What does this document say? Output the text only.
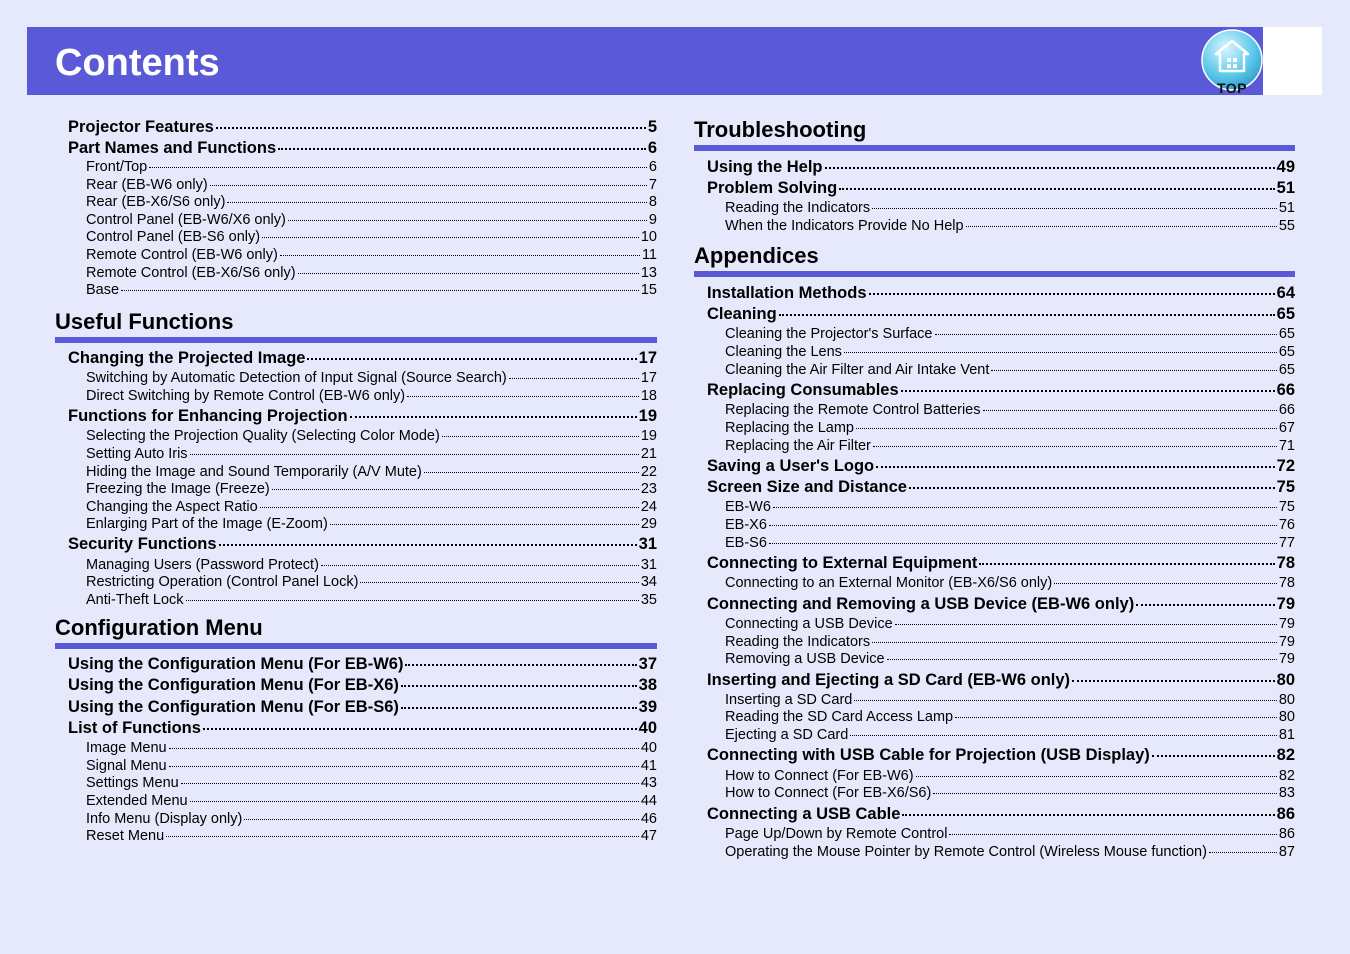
Contents
TOP
Projector Features	5
Part Names and Functions	6
Front/Top	6
Rear (EB-W6 only)	7
Rear (EB-X6/S6 only)	8
Control Panel (EB-W6/X6 only)	9
Control Panel (EB-S6 only)	10
Remote Control (EB-W6 only)	11
Remote Control (EB-X6/S6 only)	13
Base	15
Useful Functions
Changing the Projected Image	17
Switching by Automatic Detection of Input Signal (Source Search)	17
Direct Switching by Remote Control (EB-W6 only)	18
Functions for Enhancing Projection	19
Selecting the Projection Quality (Selecting Color Mode)	19
Setting Auto Iris	21
Hiding the Image and Sound Temporarily (A/V Mute)	22
Freezing the Image (Freeze)	23
Changing the Aspect Ratio	24
Enlarging Part of the Image (E-Zoom)	29
Security Functions	31
Managing Users (Password Protect)	31
Restricting Operation (Control Panel Lock)	34
Anti-Theft Lock	35
Configuration Menu
Using the Configuration Menu (For EB-W6)	37
Using the Configuration Menu (For EB-X6)	38
Using the Configuration Menu (For EB-S6)	39
List of Functions	40
Image Menu	40
Signal Menu	41
Settings Menu	43
Extended Menu	44
Info Menu (Display only)	46
Reset Menu	47
Troubleshooting
Using the Help	49
Problem Solving	51
Reading the Indicators	51
When the Indicators Provide No Help	55
Appendices
Installation Methods	64
Cleaning	65
Cleaning the Projector's Surface	65
Cleaning the Lens	65
Cleaning the Air Filter and Air Intake Vent	65
Replacing Consumables	66
Replacing the Remote Control Batteries	66
Replacing the Lamp	67
Replacing the Air Filter	71
Saving a User's Logo	72
Screen Size and Distance	75
EB-W6	75
EB-X6	76
EB-S6	77
Connecting to External Equipment	78
Connecting to an External Monitor (EB-X6/S6 only)	78
Connecting and Removing a USB Device (EB-W6 only)	79
Connecting a USB Device	79
Reading the Indicators	79
Removing a USB Device	79
Inserting and Ejecting a SD Card (EB-W6 only)	80
Inserting a SD Card	80
Reading the SD Card Access Lamp	80
Ejecting a SD Card	81
Connecting with USB Cable for Projection (USB Display)	82
How to Connect (For EB-W6)	82
How to Connect (For EB-X6/S6)	83
Connecting a USB Cable	86
Page Up/Down by Remote Control	86
Operating the Mouse Pointer by Remote Control (Wireless Mouse function)	87
